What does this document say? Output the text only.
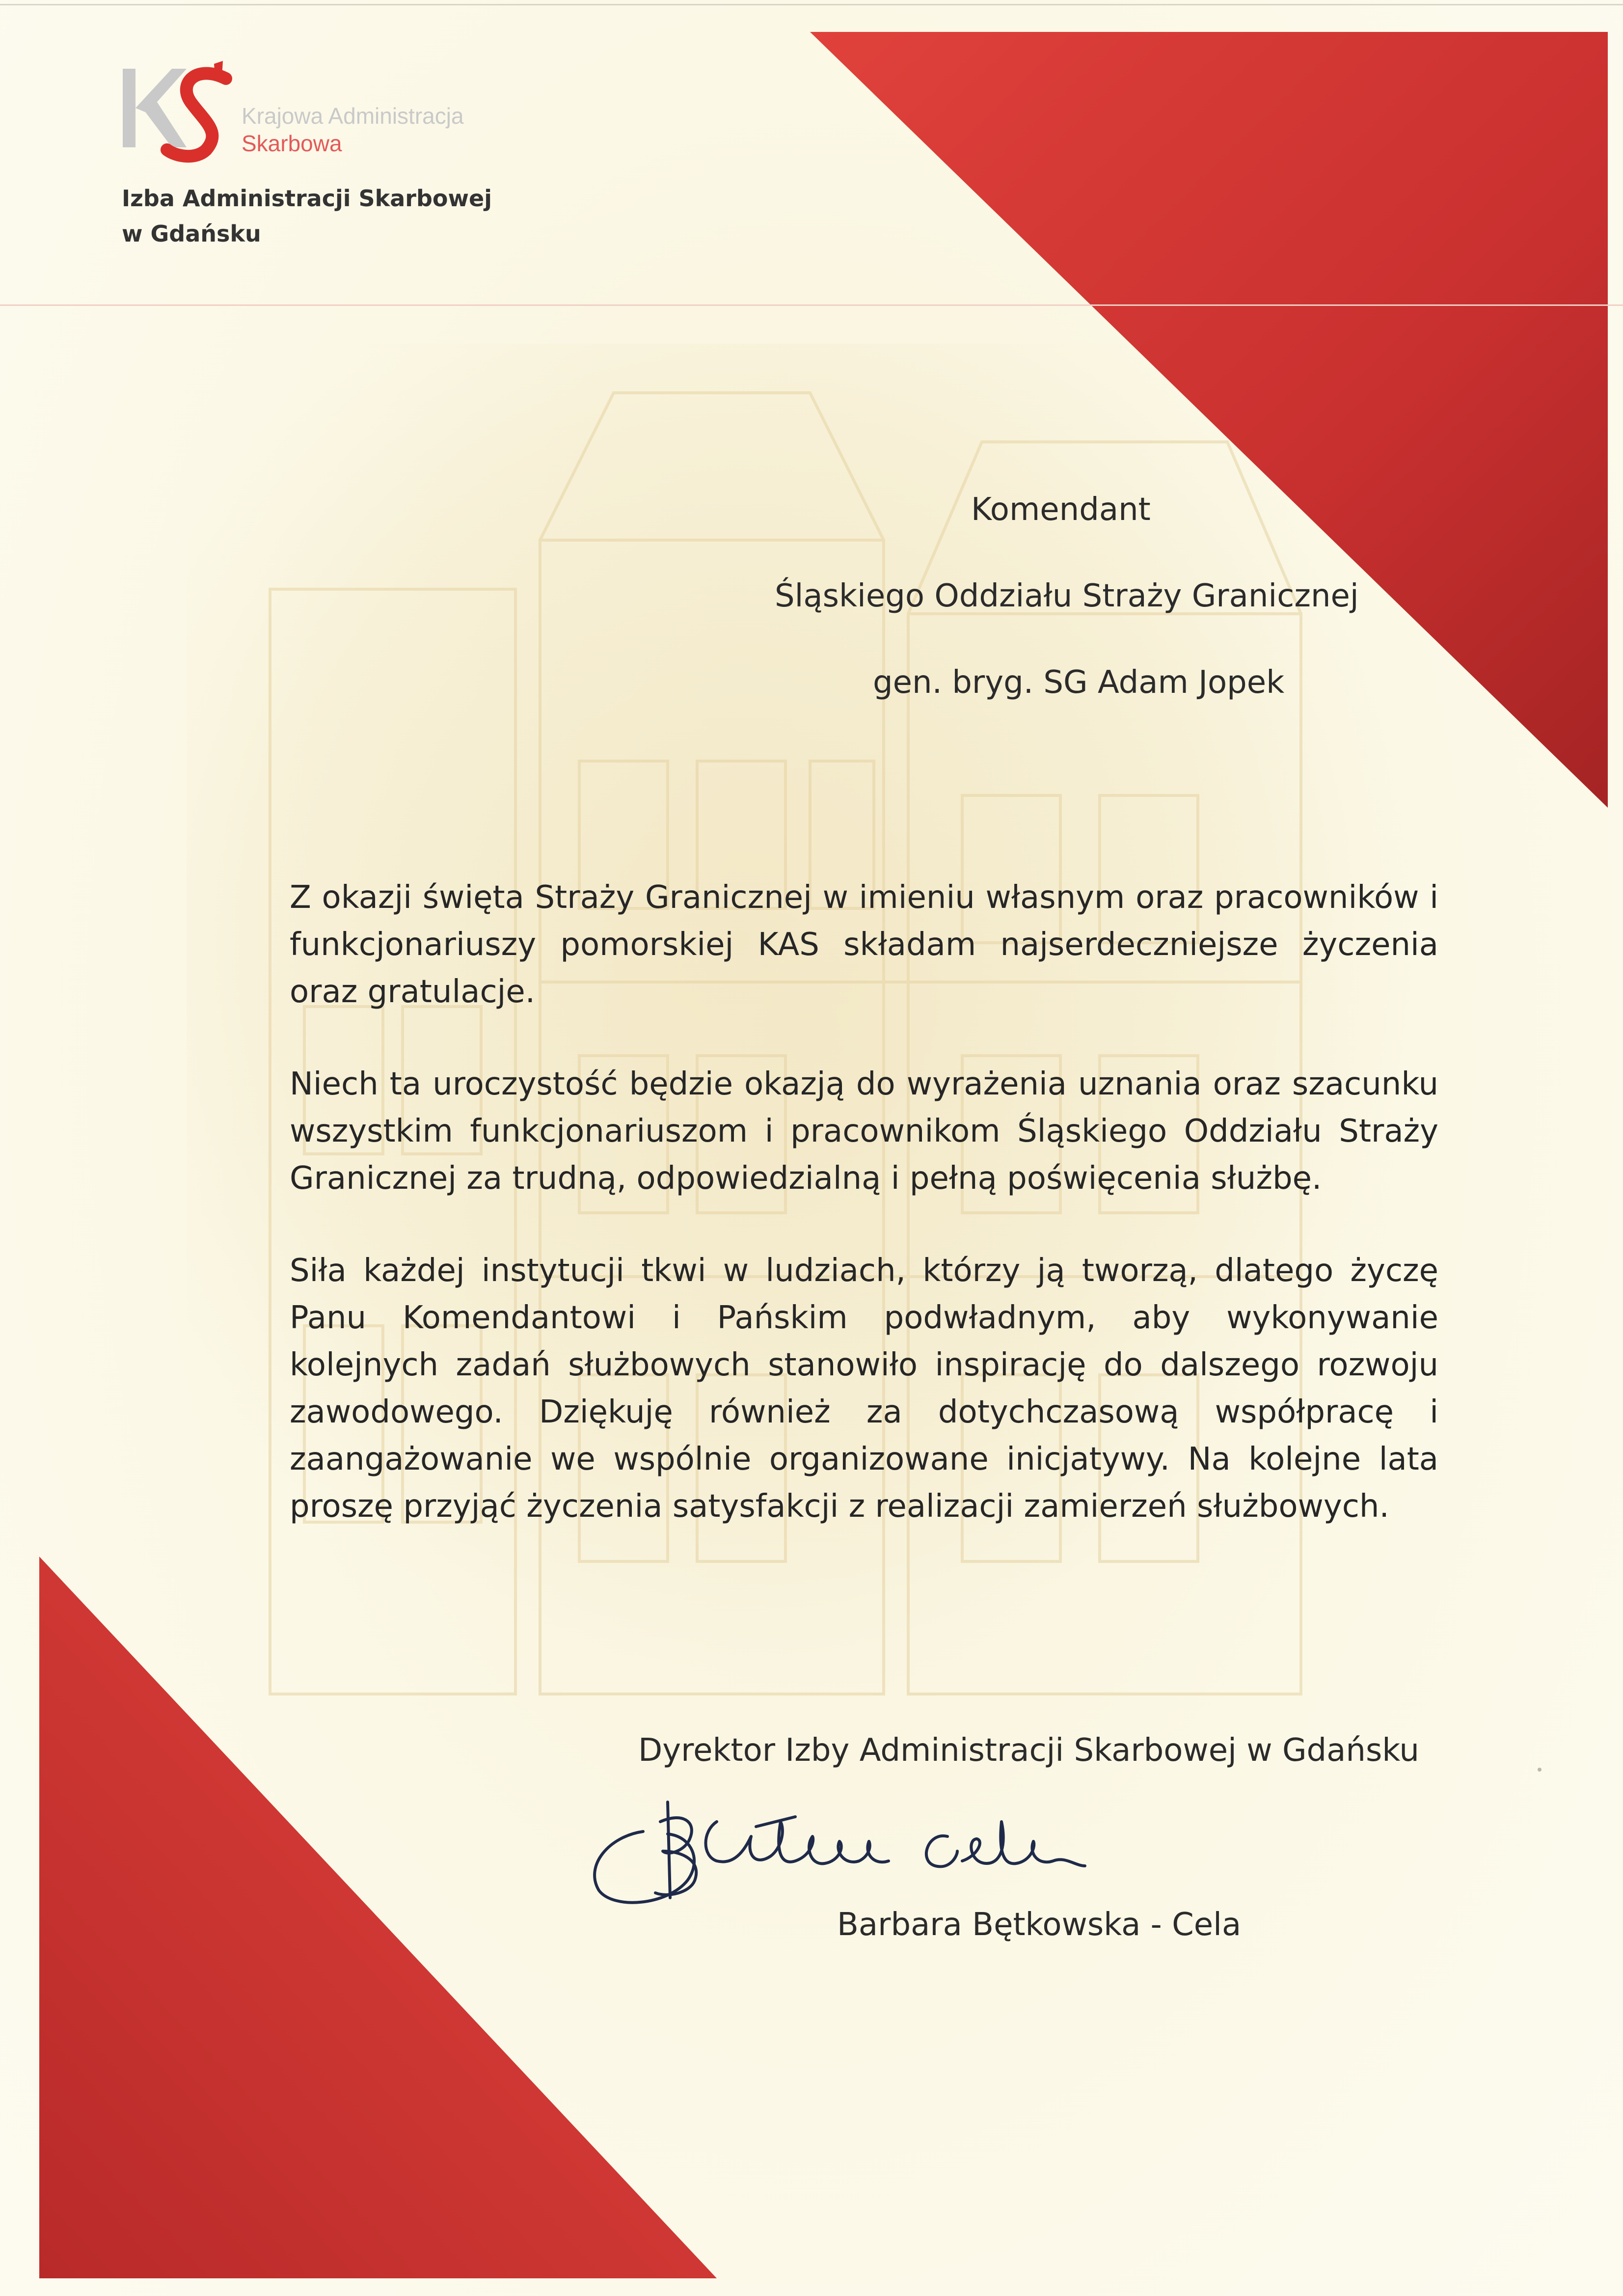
Krajowa Administracja
Skarbowa
Izba Administracji Skarbowej
w Gdańsku
Komendant
Śląskiego Oddziału Straży Granicznej
gen. bryg. SG Adam Jopek

Z okazji święta Straży Granicznej w imieniu własnym oraz pracowników i funkcjonariuszy pomorskiej KAS składam najserdeczniejsze życzenia oraz gratulacje.

Niech ta uroczystość będzie okazją do wyrażenia uznania oraz szacunku wszystkim funkcjonariuszom i pracownikom Śląskiego Oddziału Straży Granicznej za trudną, odpowiedzialną i pełną poświęcenia służbę.

Siła każdej instytucji tkwi w ludziach, którzy ją tworzą, dlatego życzę Panu Komendantowi i Pańskim podwładnym, aby wykonywanie kolejnych zadań służbowych stanowiło inspirację do dalszego rozwoju zawodowego. Dziękuję również za dotychczasową współpracę i zaangażowanie we wspólnie organizowane inicjatywy. Na kolejne lata proszę przyjąć życzenia satysfakcji z realizacji zamierzeń służbowych.

Dyrektor Izby Administracji Skarbowej w Gdańsku
Barbara Bętkowska - Cela
